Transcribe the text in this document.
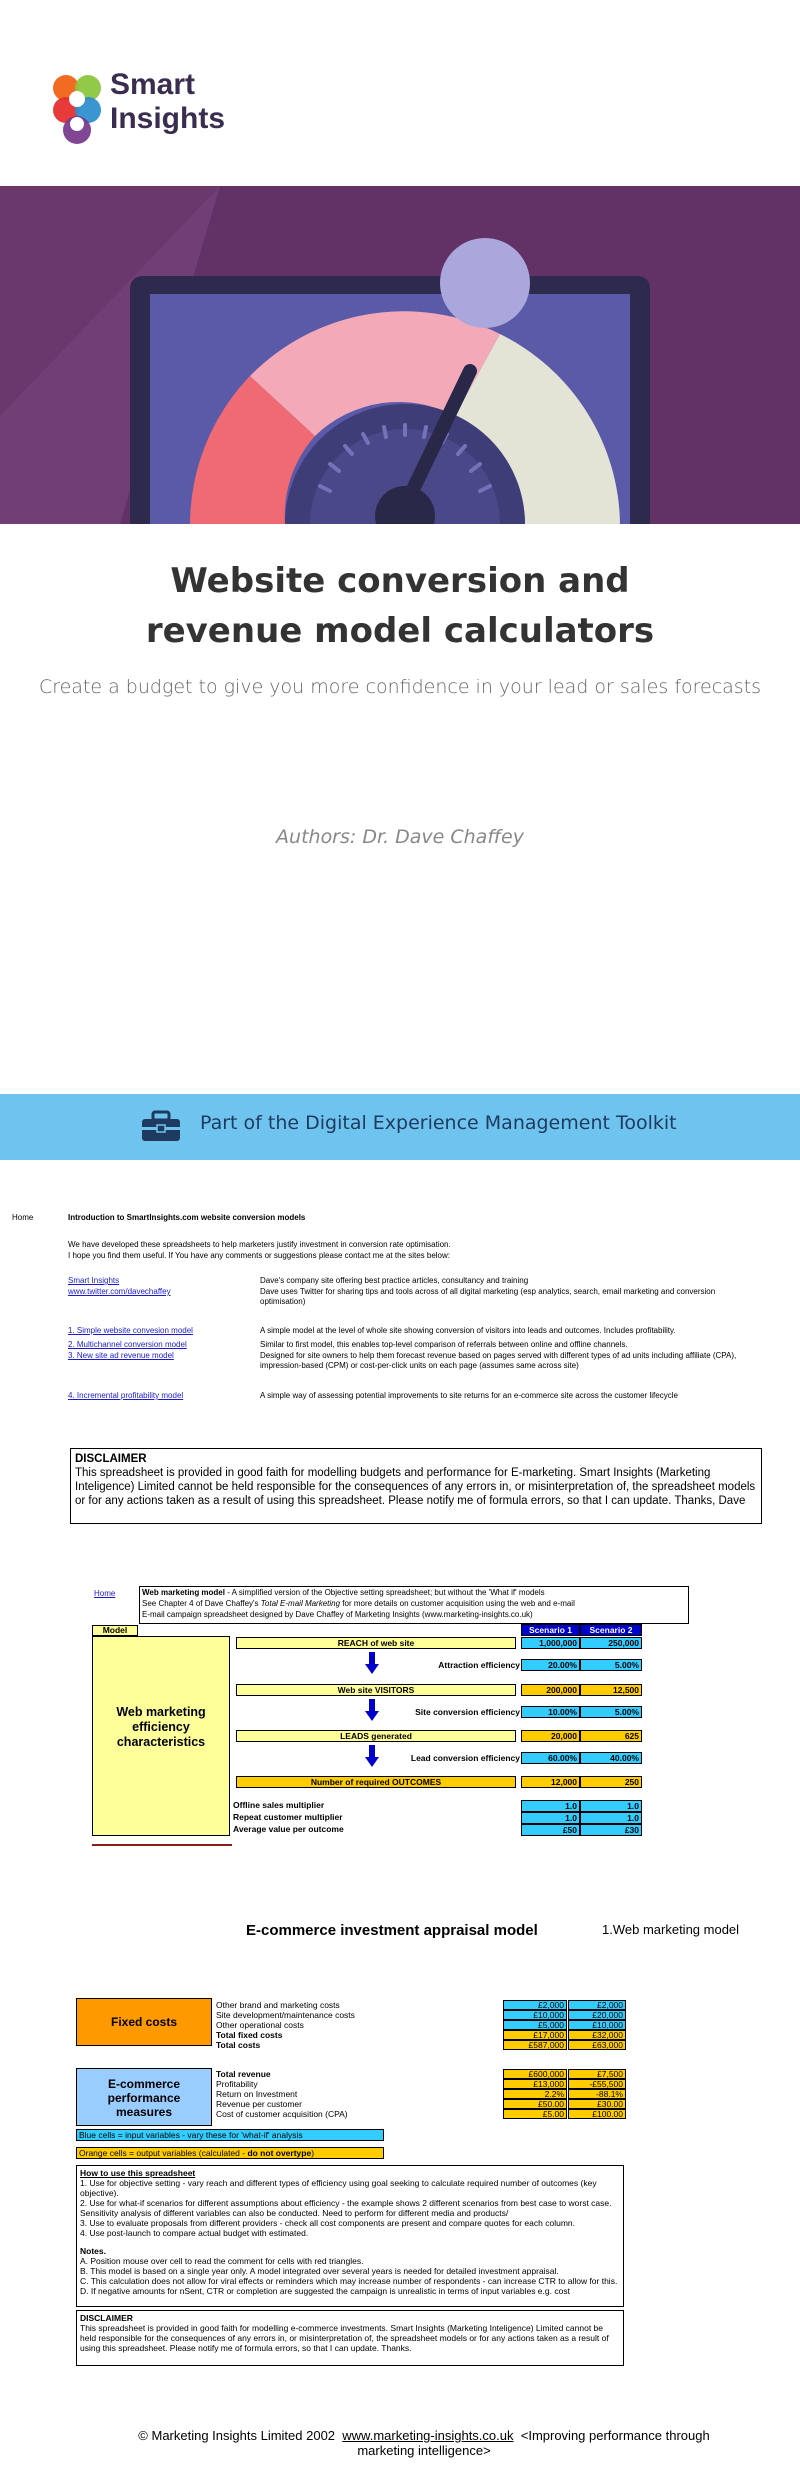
Smart
Insights
Website conversion and
revenue model calculators
Create a budget to give you more confidence in your lead or sales forecasts
Authors: Dr. Dave Chaffey
Part of the Digital Experience Management Toolkit
Home	Introduction to SmartInsights.com website conversion models
We have developed these spreadsheets to help marketers justify investment in conversion rate optimisation.
I hope you find them useful. If You have any comments or suggestions please contact me at the sites below:
Smart Insights	Dave's company site offering best practice articles, consultancy and training
www.twitter.com/davechaffey	Dave uses Twitter for sharing tips and tools across of all digital marketing (esp analytics, search, email marketing and conversion optimisation)
1. Simple website convesion model	A simple model at the level of whole site showing conversion of visitors into leads and outcomes. Includes profitability.
2. Multichannel conversion model	Similar to first model, this enables top-level comparison of referrals between online and offline channels.
3. New site ad revenue model	Designed for site owners to help them forecast revenue based on pages served with different types of ad units including affiliate (CPA), impression-based (CPM) or cost-per-click units on each page (assumes same across site)
4. Incremental profitability model	A simple way of assessing potential improvements to site returns for an e-commerce site across the customer lifecycle
DISCLAIMER
This spreadsheet is provided in good faith for modelling budgets and performance for E-marketing. Smart Insights (Marketing Inteligence) Limited cannot be held responsible for the consequences of any errors in, or misinterpretation of, the spreadsheet models or for any actions taken as a result of using this spreadsheet. Please notify me of formula errors, so that I can update. Thanks, Dave
Home	Web marketing model - A simplified version of the Objective setting spreadsheet; but without the 'What if' models
See Chapter 4 of Dave Chaffey's Total E-mail Marketing for more details on customer acquisition using the web and e-mail
E-mail campaign spreadsheet designed by Dave Chaffey of Marketing Insights (www.marketing-insights.co.uk)
Model
Web marketing efficiency characteristics
Scenario 1	Scenario 2
REACH of web site	1,000,000	250,000
Attraction efficiency	20.00%	5.00%
Web site VISITORS	200,000	12,500
Site conversion efficiency	10.00%	5.00%
LEADS generated	20,000	625
Lead conversion efficiency	60.00%	40.00%
Number of required OUTCOMES	12,000	250
Offline sales multiplier	1.0	1.0
Repeat customer multiplier	1.0	1.0
Average value per outcome	£50	£30
E-commerce investment appraisal model	1.Web marketing model
Fixed costs
Other brand and marketing costs	£2,000	£2,000
Site development/maintenance costs	£10,000	£20,000
Other operational costs	£5,000	£10,000
Total fixed costs	£17,000	£32,000
Total costs	£587,000	£63,000
E-commerce performance measures
Total revenue	£600,000	£7,500
Profitability	£13,000	-£55,500
Return on Investment	2.2%	-88.1%
Revenue per customer	£50.00	£30.00
Cost of customer acquisition (CPA)	£5.00	£100.00
Blue cells = input variables - vary these for 'what-if' analysis
Orange cells = output variables (calculated - do not overtype)
How to use this spreadsheet
1. Use for objective setting - vary reach and different types of efficiency using goal seeking to calculate required number of outcomes (key objective).
2. Use for what-if scenarios for different assumptions about efficiency - the example shows 2 different scenarios from best case to worst case. Sensitivity analysis of different variables can also be conducted. Need to perform for different media and products/
3. Use to evaluate proposals from different providers - check all cost components are present and compare quotes for each column.
4. Use post-launch to compare actual budget with estimated.
Notes.
A. Position mouse over cell to read the comment for cells with red triangles.
B. This model is based on a single year only. A model integrated over several years is needed for detailed investment appraisal.
C. This calculation does not allow for viral effects or reminders which may increase number of respondents - can increase CTR to allow for this.
D. If negative amounts for nSent, CTR or completion are suggested the campaign is unrealistic in terms of input variables e.g. cost
DISCLAIMER
This spreadsheet is provided in good faith for modelling e-commerce investments. Smart Insights (Marketing Inteligence) Limited cannot be held responsible for the consequences of any errors in, or misinterpretation of, the spreadsheet models or for any actions taken as a result of using this spreadsheet. Please notify me of formula errors, so that I can update. Thanks.
© Marketing Insights Limited 2002 www.marketing-insights.co.uk <Improving performance through
marketing intelligence>
